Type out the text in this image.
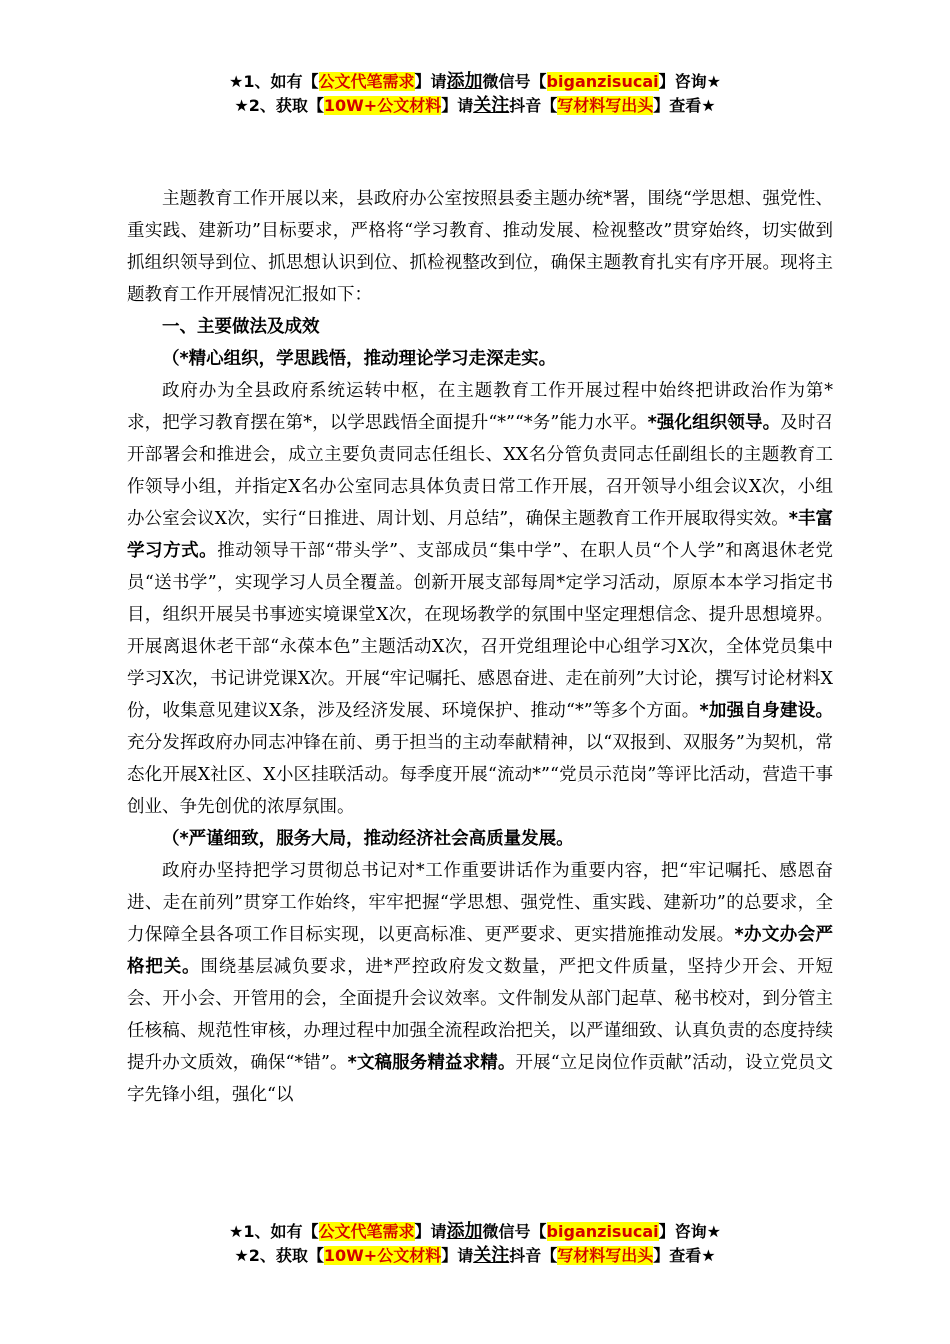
★1、如有【公文代笔需求】请添加微信号【biganzisucai】咨询★
★2、获取【10W+公文材料】请关注抖音【写材料写出头】查看★

主题教育工作开展以来，县政府办公室按照县委主题办统*署，围绕“学思想、强党性、重实践、建新功”目标要求，严格将“学习教育、推动发展、检视整改”贯穿始终，切实做到抓组织领导到位、抓思想认识到位、抓检视整改到位，确保主题教育扎实有序开展。现将主题教育工作开展情况汇报如下：

一、主要做法及成效

（*精心组织，学思践悟，推动理论学习走深走实。

政府办为全县政府系统运转中枢，在主题教育工作开展过程中始终把讲政治作为第*求，把学习教育摆在第*，以学思践悟全面提升“*”“*务”能力水平。*强化组织领导。及时召开部署会和推进会，成立主要负责同志任组长、XX名分管负责同志任副组长的主题教育工作领导小组，并指定X名办公室同志具体负责日常工作开展，召开领导小组会议X次，小组办公室会议X次，实行“日推进、周计划、月总结”，确保主题教育工作开展取得实效。*丰富学习方式。推动领导干部“带头学”、支部成员“集中学”、在职人员“个人学”和离退休老党员“送书学”，实现学习人员全覆盖。创新开展支部每周*定学习活动，原原本本学习指定书目，组织开展吴书事迹实境课堂X次，在现场教学的氛围中坚定理想信念、提升思想境界。开展离退休老干部“永葆本色”主题活动X次，召开党组理论中心组学习X次，全体党员集中学习X次，书记讲党课X次。开展“牢记嘱托、感恩奋进、走在前列”大讨论，撰写讨论材料X份，收集意见建议X条，涉及经济发展、环境保护、推动“*”等多个方面。*加强自身建设。充分发挥政府办同志冲锋在前、勇于担当的主动奉献精神，以“双报到、双服务”为契机，常态化开展X社区、X小区挂联活动。每季度开展“流动*”“党员示范岗”等评比活动，营造干事创业、争先创优的浓厚氛围。

（*严谨细致，服务大局，推动经济社会高质量发展。

政府办坚持把学习贯彻总书记对*工作重要讲话作为重要内容，把“牢记嘱托、感恩奋进、走在前列”贯穿工作始终，牢牢把握“学思想、强党性、重实践、建新功”的总要求，全力保障全县各项工作目标实现，以更高标准、更严要求、更实措施推动发展。*办文办会严格把关。围绕基层减负要求，进*严控政府发文数量，严把文件质量，坚持少开会、开短会、开小会、开管用的会，全面提升会议效率。文件制发从部门起草、秘书校对，到分管主任核稿、规范性审核，办理过程中加强全流程政治把关，以严谨细致、认真负责的态度持续提升办文质效，确保“*错”。*文稿服务精益求精。开展“立足岗位作贡献”活动，设立党员文字先锋小组，强化“以

★1、如有【公文代笔需求】请添加微信号【biganzisucai】咨询★
★2、获取【10W+公文材料】请关注抖音【写材料写出头】查看★
